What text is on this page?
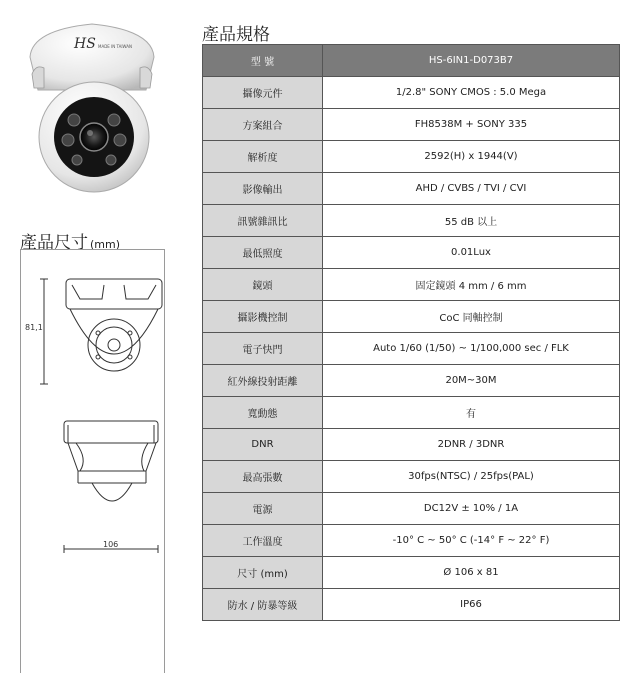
HS MADE IN TAIWAN
產品尺寸 (mm)
81,1
106
產品規格
型 號	HS-6IN1-D073B7
攝像元件	1/2.8" SONY CMOS : 5.0 Mega
方案組合	FH8538M + SONY 335
解析度	2592(H) x 1944(V)
影像輸出	AHD / CVBS / TVI / CVI
訊號雜訊比	55 dB 以上
最低照度	0.01Lux
鏡頭	固定鏡頭 4 mm / 6 mm
攝影機控制	CoC 同軸控制
電子快門	Auto 1/60 (1/50) ~ 1/100,000 sec / FLK
紅外線投射距離	20M~30M
寬動態	有
DNR	2DNR / 3DNR
最高張數	30fps(NTSC) / 25fps(PAL)
電源	DC12V ± 10% / 1A
工作溫度	-10° C ~ 50° C (-14° F ~ 22° F)
尺寸 (mm)	Ø 106 x 81
防水 / 防暴等級	IP66
